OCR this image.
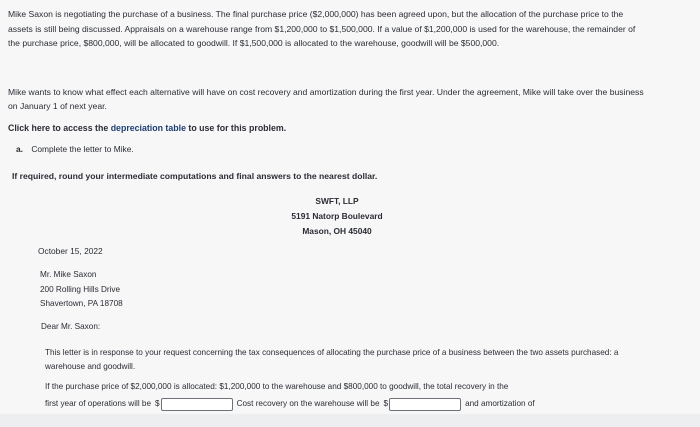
Mike Saxon is negotiating the purchase of a business. The final purchase price ($2,000,000) has been agreed upon, but the allocation of the purchase price to the assets is still being discussed. Appraisals on a warehouse range from $1,200,000 to $1,500,000. If a value of $1,200,000 is used for the warehouse, the remainder of the purchase price, $800,000, will be allocated to goodwill. If $1,500,000 is allocated to the warehouse, goodwill will be $500,000.
Mike wants to know what effect each alternative will have on cost recovery and amortization during the first year. Under the agreement, Mike will take over the business on January 1 of next year.
Click here to access the depreciation table to use for this problem.
a. Complete the letter to Mike.
If required, round your intermediate computations and final answers to the nearest dollar.
SWFT, LLP
5191 Natorp Boulevard
Mason, OH 45040
October 15, 2022
Mr. Mike Saxon
200 Rolling Hills Drive
Shavertown, PA 18708
Dear Mr. Saxon:
This letter is in response to your request concerning the tax consequences of allocating the purchase price of a business between the two assets purchased: a warehouse and goodwill.
If the purchase price of $2,000,000 is allocated: $1,200,000 to the warehouse and $800,000 to goodwill, the total recovery in the
first year of operations will be $	Cost recovery on the warehouse will be $	and amortization of
